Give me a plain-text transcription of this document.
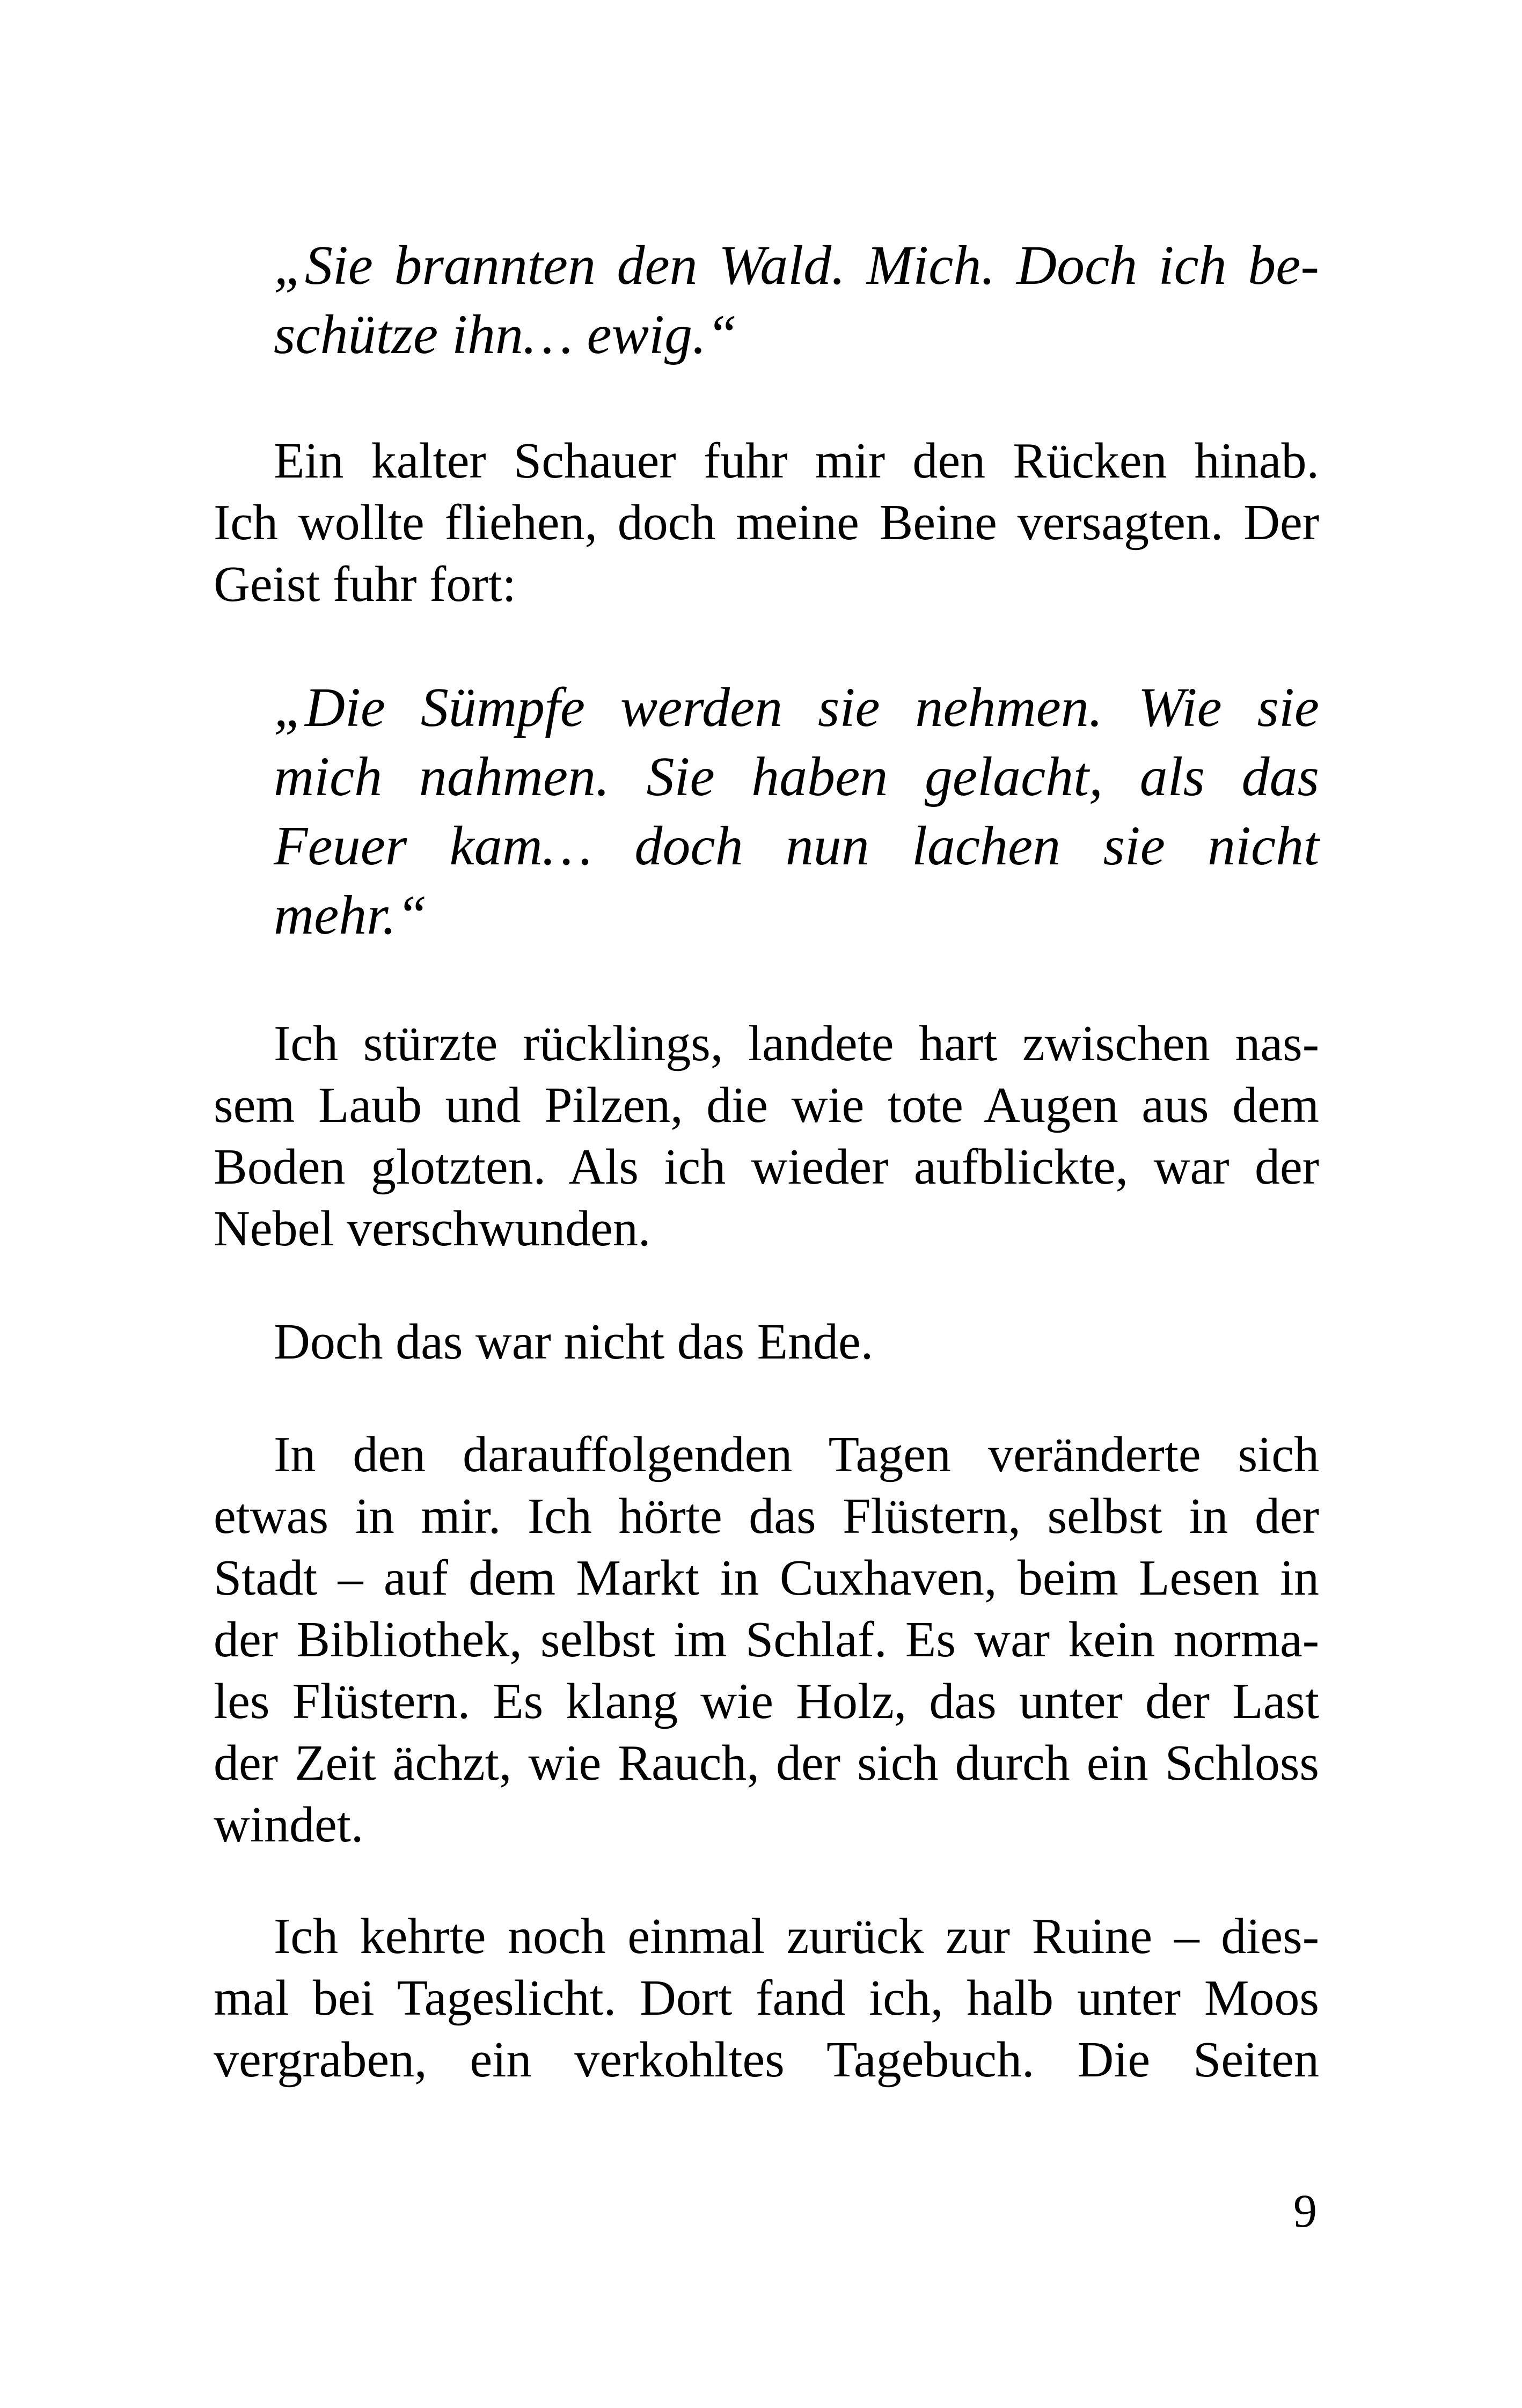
„Sie brannten den Wald. Mich. Doch ich be-
schütze ihn… ewig.“
Ein kalter Schauer fuhr mir den Rücken hinab.
Ich wollte fliehen, doch meine Beine versagten. Der
Geist fuhr fort:
„Die Sümpfe werden sie nehmen. Wie sie
mich nahmen. Sie haben gelacht, als das
Feuer kam… doch nun lachen sie nicht
mehr.“
Ich stürzte rücklings, landete hart zwischen nas-
sem Laub und Pilzen, die wie tote Augen aus dem
Boden glotzten. Als ich wieder aufblickte, war der
Nebel verschwunden.
Doch das war nicht das Ende.
In den darauffolgenden Tagen veränderte sich
etwas in mir. Ich hörte das Flüstern, selbst in der
Stadt – auf dem Markt in Cuxhaven, beim Lesen in
der Bibliothek, selbst im Schlaf. Es war kein norma-
les Flüstern. Es klang wie Holz, das unter der Last
der Zeit ächzt, wie Rauch, der sich durch ein Schloss
windet.
Ich kehrte noch einmal zurück zur Ruine – dies-
mal bei Tageslicht. Dort fand ich, halb unter Moos
vergraben, ein verkohltes Tagebuch. Die Seiten
9
